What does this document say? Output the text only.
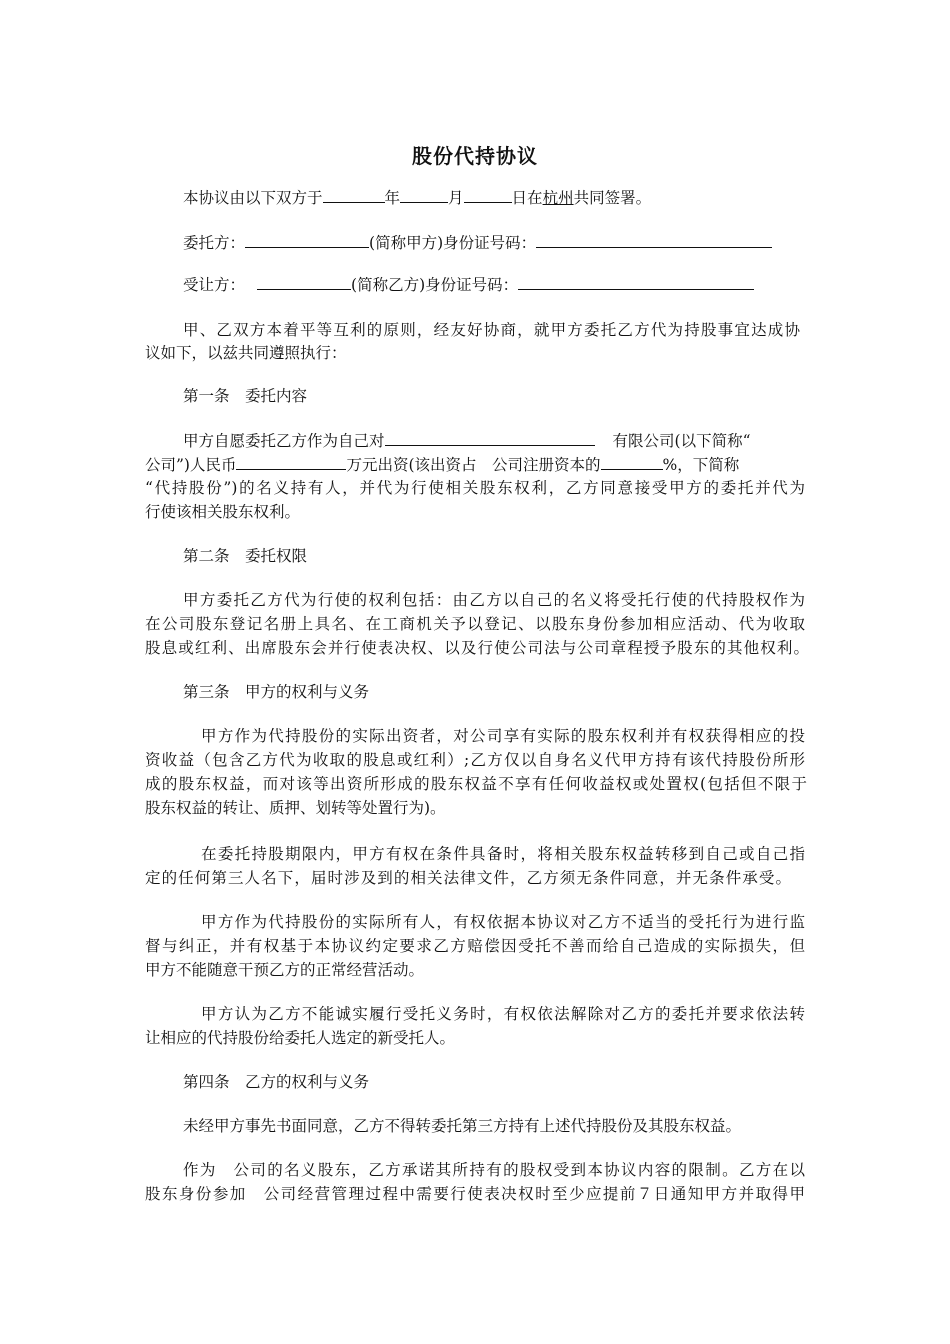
股份代持协议
本协议由以下双方于	年	月	日在杭州共同签署。
委托方：	(简称甲方)身份证号码：
受让方：	(简称乙方)身份证号码：
甲、乙双方本着平等互利的原则，经友好协商，就甲方委托乙方代为持股事宜达成协
议如下，以兹共同遵照执行：
第一条　委托内容
甲方自愿委托乙方作为自己对	有限公司(以下简称“
公司”)人民币	万元出资(该出资占　公司注册资本的	%，下简称
“代持股份”)的名义持有人，并代为行使相关股东权利，乙方同意接受甲方的委托并代为
行使该相关股东权利。
第二条　委托权限
甲方委托乙方代为行使的权利包括：由乙方以自己的名义将受托行使的代持股权作为
在公司股东登记名册上具名、在工商机关予以登记、以股东身份参加相应活动、代为收取
股息或红利、出席股东会并行使表决权、以及行使公司法与公司章程授予股东的其他权利。
第三条　甲方的权利与义务
甲方作为代持股份的实际出资者，对公司享有实际的股东权利并有权获得相应的投
资收益（包含乙方代为收取的股息或红利）;乙方仅以自身名义代甲方持有该代持股份所形
成的股东权益，而对该等出资所形成的股东权益不享有任何收益权或处置权(包括但不限于
股东权益的转让、质押、划转等处置行为)。
在委托持股期限内，甲方有权在条件具备时，将相关股东权益转移到自己或自己指
定的任何第三人名下，届时涉及到的相关法律文件，乙方须无条件同意，并无条件承受。
甲方作为代持股份的实际所有人，有权依据本协议对乙方不适当的受托行为进行监
督与纠正，并有权基于本协议约定要求乙方赔偿因受托不善而给自己造成的实际损失，但
甲方不能随意干预乙方的正常经营活动。
甲方认为乙方不能诚实履行受托义务时，有权依法解除对乙方的委托并要求依法转
让相应的代持股份给委托人选定的新受托人。
第四条　乙方的权利与义务
未经甲方事先书面同意，乙方不得转委托第三方持有上述代持股份及其股东权益。
作为　公司的名义股东，乙方承诺其所持有的股权受到本协议内容的限制。乙方在以
股东身份参加　公司经营管理过程中需要行使表决权时至少应提前７日通知甲方并取得甲
